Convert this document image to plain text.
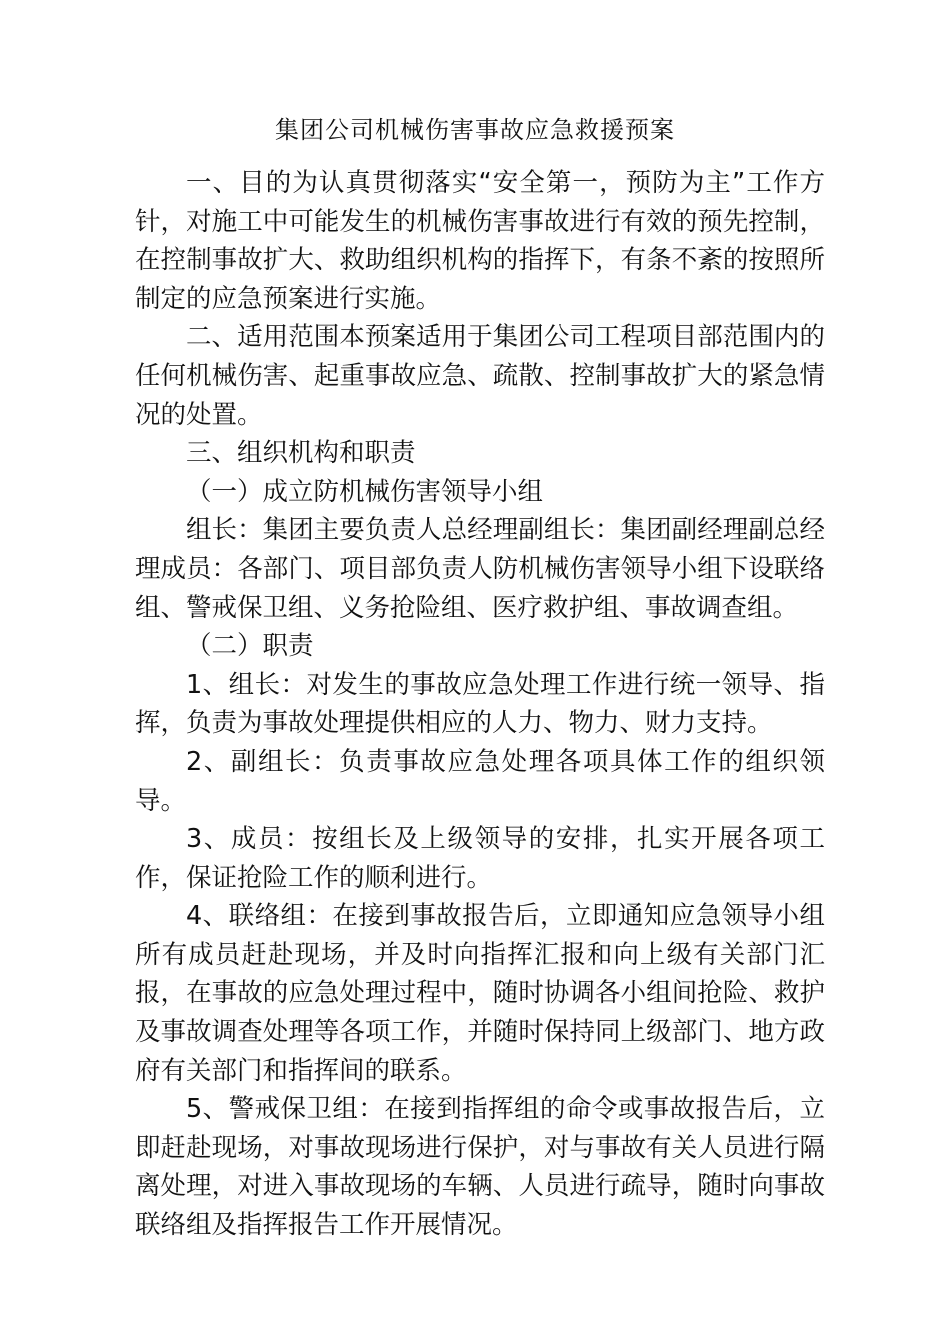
集团公司机械伤害事故应急救援预案

一、目的为认真贯彻落实“安全第一，预防为主”工作方针，对施工中可能发生的机械伤害事故进行有效的预先控制，在控制事故扩大、救助组织机构的指挥下，有条不紊的按照所制定的应急预案进行实施。

二、适用范围本预案适用于集团公司工程项目部范围内的任何机械伤害、起重事故应急、疏散、控制事故扩大的紧急情况的处置。

三、组织机构和职责

（一）成立防机械伤害领导小组

组长：集团主要负责人总经理副组长：集团副经理副总经理成员：各部门、项目部负责人防机械伤害领导小组下设联络组、警戒保卫组、义务抢险组、医疗救护组、事故调查组。

（二）职责

1、组长：对发生的事故应急处理工作进行统一领导、指挥，负责为事故处理提供相应的人力、物力、财力支持。

2、副组长：负责事故应急处理各项具体工作的组织领导。

3、成员：按组长及上级领导的安排，扎实开展各项工作，保证抢险工作的顺利进行。

4、联络组：在接到事故报告后，立即通知应急领导小组所有成员赶赴现场，并及时向指挥汇报和向上级有关部门汇报，在事故的应急处理过程中，随时协调各小组间抢险、救护及事故调查处理等各项工作，并随时保持同上级部门、地方政府有关部门和指挥间的联系。

5、警戒保卫组：在接到指挥组的命令或事故报告后，立即赶赴现场，对事故现场进行保护，对与事故有关人员进行隔离处理，对进入事故现场的车辆、人员进行疏导，随时向事故联络组及指挥报告工作开展情况。
